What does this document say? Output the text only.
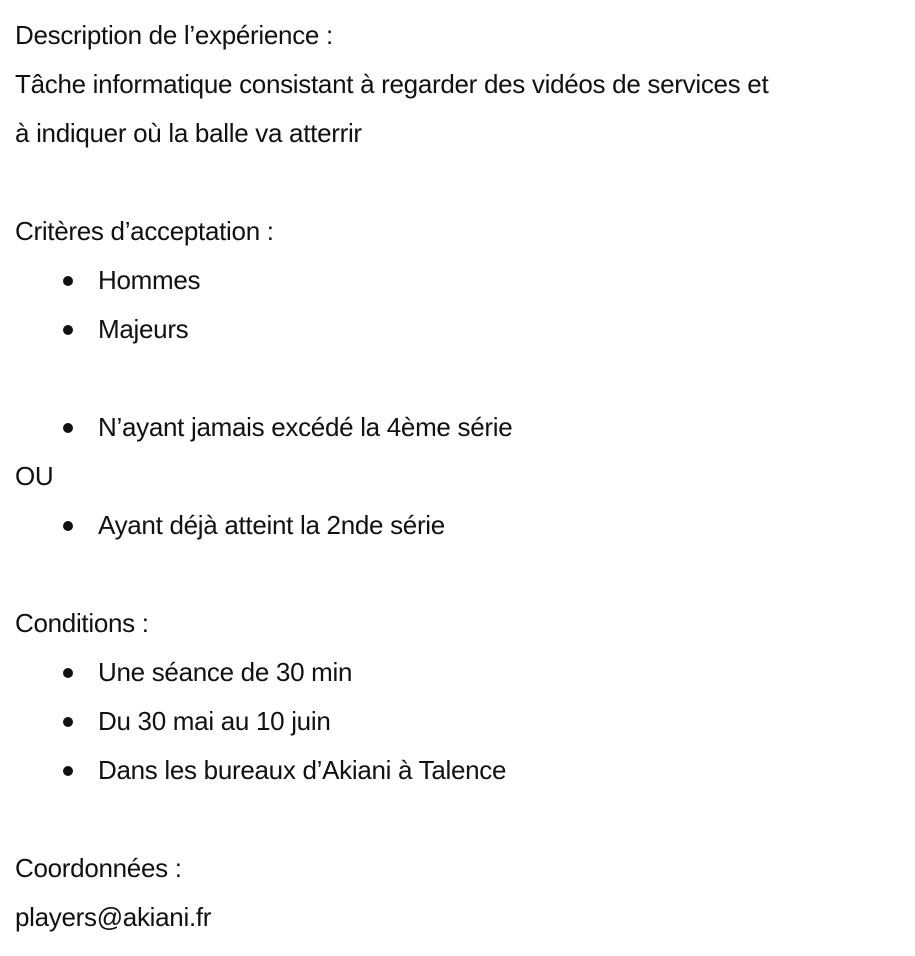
Description de l’expérience :
Tâche informatique consistant à regarder des vidéos de services et
à indiquer où la balle va atterrir
Critères d’acceptation :
Hommes
Majeurs
N’ayant jamais excédé la 4ème série
OU
Ayant déjà atteint la 2nde série
Conditions :
Une séance de 30 min
Du 30 mai au 10 juin
Dans les bureaux d’Akiani à Talence
Coordonnées :
players@akiani.fr
